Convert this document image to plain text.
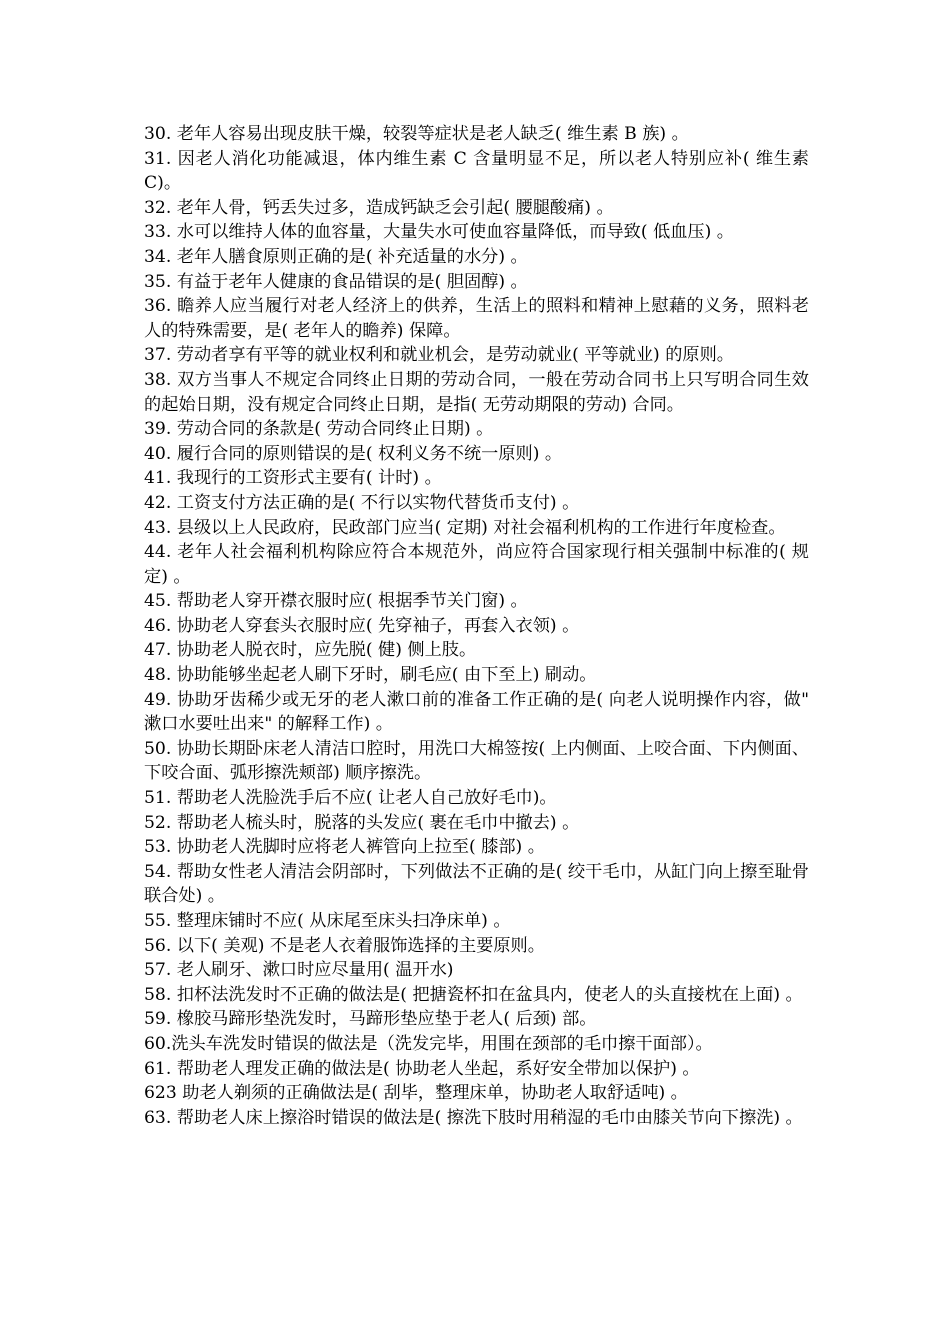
30. 老年人容易出现皮肤干燥，较裂等症状是老人缺乏( 维生素 B 族) 。

31. 因老人消化功能减退，体内维生素 C 含量明显不足，所以老人特别应补( 维生素 C)。

32. 老年人骨，钙丢失过多，造成钙缺乏会引起( 腰腿酸痛) 。

33. 水可以维持人体的血容量，大量失水可使血容量降低，而导致( 低血压) 。

34. 老年人膳食原则正确的是( 补充适量的水分) 。

35. 有益于老年人健康的食品错误的是( 胆固醇) 。

36. 瞻养人应当履行对老人经济上的供养，生活上的照料和精神上慰藉的义务，照料老人的特殊需要，是( 老年人的瞻养) 保障。

37. 劳动者享有平等的就业权利和就业机会，是劳动就业( 平等就业) 的原则。

38. 双方当事人不规定合同终止日期的劳动合同，一般在劳动合同书上只写明合同生效的起始日期，没有规定合同终止日期，是指( 无劳动期限的劳动) 合同。

39. 劳动合同的条款是( 劳动合同终止日期) 。

40. 履行合同的原则错误的是( 权利义务不统一原则) 。

41. 我现行的工资形式主要有( 计时) 。

42. 工资支付方法正确的是( 不行以实物代替货币支付) 。

43. 县级以上人民政府，民政部门应当( 定期) 对社会福利机构的工作进行年度检查。

44. 老年人社会福利机构除应符合本规范外，尚应符合国家现行相关强制中标准的( 规定) 。

45. 帮助老人穿开襟衣服时应( 根据季节关门窗) 。

46. 协助老人穿套头衣服时应( 先穿袖子，再套入衣领) 。

47. 协助老人脱衣时，应先脱( 健) 侧上肢。

48. 协助能够坐起老人刷下牙时，刷毛应( 由下至上) 刷动。

49. 协助牙齿稀少或无牙的老人漱口前的准备工作正确的是( 向老人说明操作内容，做" 漱口水要吐出来" 的解释工作) 。

50. 协助长期卧床老人清洁口腔时，用洗口大棉签按( 上内侧面、上咬合面、下内侧面、下咬合面、弧形擦洗颊部) 顺序擦洗。

51. 帮助老人洗脸洗手后不应( 让老人自己放好毛巾)。

52. 帮助老人梳头时，脱落的头发应( 裹在毛巾中撤去) 。

53. 协助老人洗脚时应将老人裤管向上拉至( 膝部) 。

54. 帮助女性老人清洁会阴部时，下列做法不正确的是( 绞干毛巾，从缸门向上擦至耻骨联合处) 。

55. 整理床铺时不应( 从床尾至床头扫净床单) 。

56. 以下( 美观) 不是老人衣着服饰选择的主要原则。

57. 老人刷牙、漱口时应尽量用( 温开水)

58. 扣杯法洗发时不正确的做法是( 把搪瓷杯扣在盆具内，使老人的头直接枕在上面) 。

59. 橡胶马蹄形垫洗发时，马蹄形垫应垫于老人( 后颈) 部。

60.洗头车洗发时错误的做法是（洗发完毕，用围在颈部的毛巾擦干面部）。

61. 帮助老人理发正确的做法是( 协助老人坐起，系好安全带加以保护) 。

623 助老人剃须的正确做法是( 刮毕，整理床单，协助老人取舒适吨) 。

63. 帮助老人床上擦浴时错误的做法是( 擦洗下肢时用稍湿的毛巾由膝关节向下擦洗) 。
